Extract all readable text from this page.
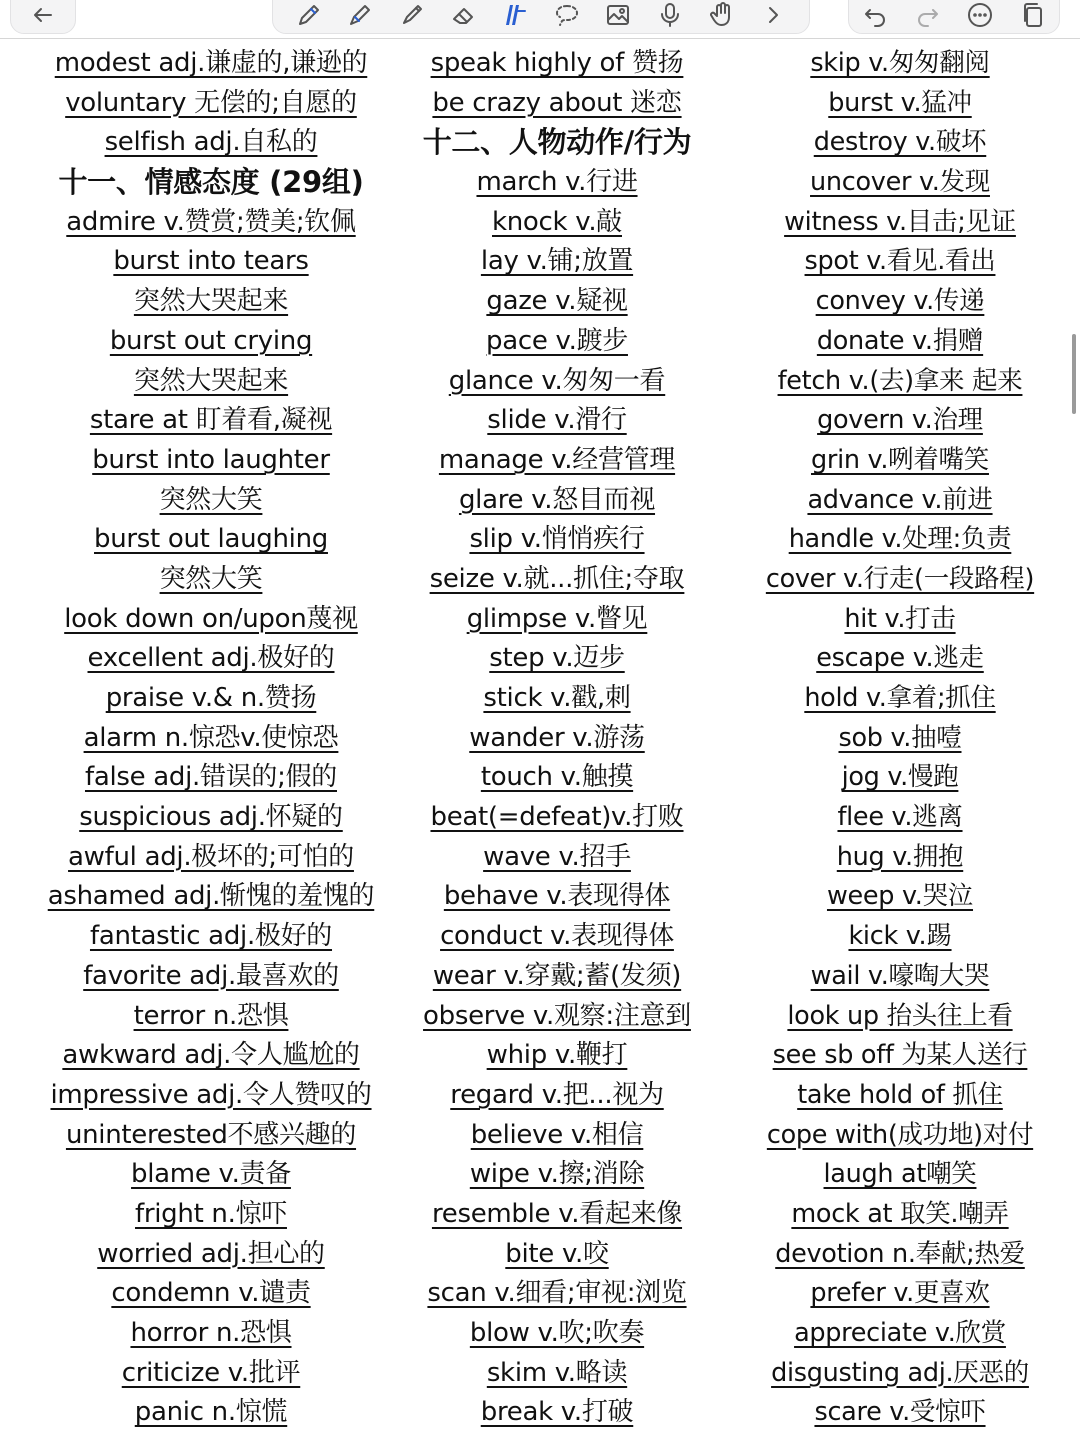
modest adj.谦虚的,谦逊的
voluntary 无偿的;自愿的
selfish adj.自私的
十一、情感态度 (29组)
admire v.赞赏;赞美;钦佩
burst into tears
突然大哭起来
burst out crying
突然大哭起来
stare at 盯着看,凝视
burst into laughter
突然大笑
burst out laughing
突然大笑
look down on/upon蔑视
excellent adj.极好的
praise v.& n.赞扬
alarm n.惊恐v.使惊恐
false adj.错误的;假的
suspicious adj.怀疑的
awful adj.极坏的;可怕的
ashamed adj.惭愧的羞愧的
fantastic adj.极好的
favorite adj.最喜欢的
terror n.恐惧
awkward adj.令人尴尬的
impressive adj.令人赞叹的
uninterested不感兴趣的
blame v.责备
fright n.惊吓
worried adj.担心的
condemn v.谴责
horror n.恐惧
criticize v.批评
panic n.惊慌
speak highly of 赞扬
be crazy about 迷恋
十二、人物动作/行为
march v.行进
knock v.敲
lay v.铺;放置
gaze v.疑视
pace v.踱步
glance v.匆匆一看
slide v.滑行
manage v.经营管理
glare v.怒目而视
slip v.悄悄疾行
seize v.就...抓住;夺取
glimpse v.瞥见
step v.迈步
stick v.戳,刺
wander v.游荡
touch v.触摸
beat(=defeat)v.打败
wave v.招手
behave v.表现得体
conduct v.表现得体
wear v.穿戴;蓄(发须)
observe v.观察:注意到
whip v.鞭打
regard v.把...视为
believe v.相信
wipe v.擦;消除
resemble v.看起来像
bite v.咬
scan v.细看;审视:浏览
blow v.吹;吹奏
skim v.略读
break v.打破
skip v.匆匆翻阅
burst v.猛冲
destroy v.破坏
uncover v.发现
witness v.目击;见证
spot v.看见.看出
convey v.传递
donate v.捐赠
fetch v.(去)拿来 起来
govern v.治理
grin v.咧着嘴笑
advance v.前进
handle v.处理:负责
cover v.行走(一段路程)
hit v.打击
escape v.逃走
hold v.拿着;抓住
sob v.抽噎
jog v.慢跑
flee v.逃离
hug v.拥抱
weep v.哭泣
kick v.踢
wail v.嚎啕大哭
look up 抬头往上看
see sb off 为某人送行
take hold of 抓住
cope with(成功地)对付
laugh at嘲笑
mock at 取笑.嘲弄
devotion n.奉献;热爱
prefer v.更喜欢
appreciate v.欣赏
disgusting adj.厌恶的
scare v.受惊吓
